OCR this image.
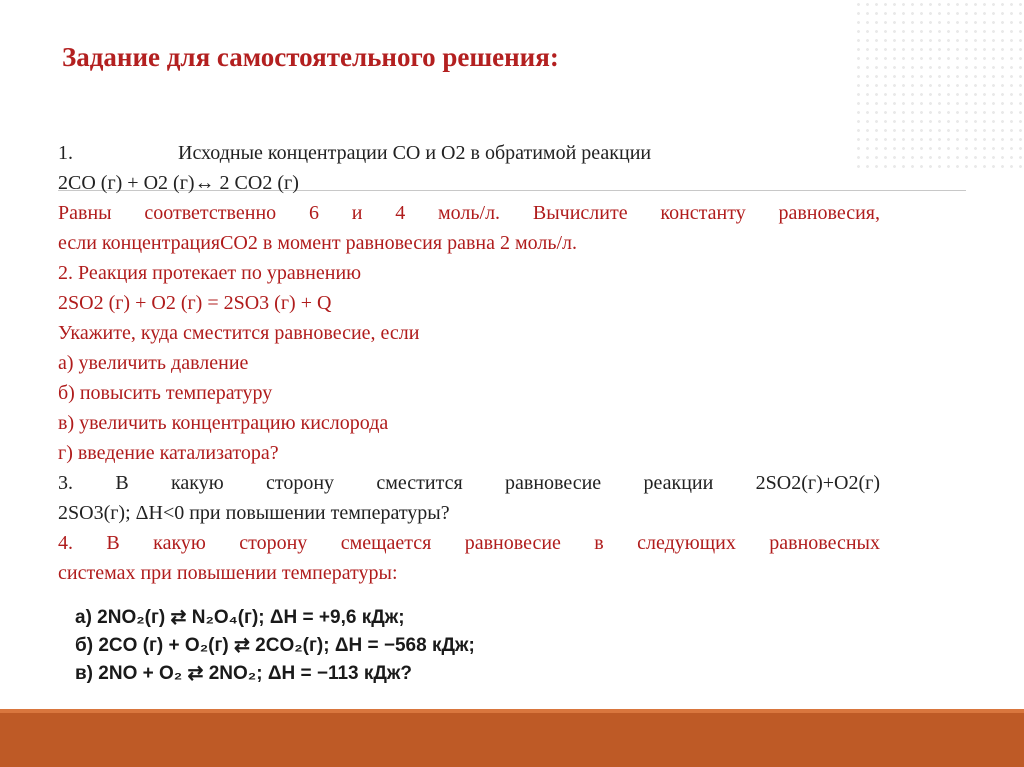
Задание для самостоятельного решения:
1.	Исходные концентрации CO и О2 в обратимой реакции
2CO (г) + O2 (г)↔ 2 CO2 (г)
Равны соответственно 6 и 4 моль/л. Вычислите константу равновесия,
если концентрацияCO2 в момент равновесия равна 2 моль/л.
2. Реакция протекает по уравнению
2SO2 (г) + O2 (г) = 2SO3 (г) + Q
Укажите, куда сместится равновесие, если
а) увеличить давление
б) повысить температуру
в) увеличить концентрацию кислорода
г) введение катализатора?
3. В какую сторону сместится равновесие реакции 2SO2(г)+O2(г)
2SO3(г); ΔH<0 при повышении температуры?
4. В какую сторону смещается равновесие в следующих равновесных
системах при повышении температуры:
а) 2NO₂(г) ⇄ N₂O₄(г); ΔH = +9,6 кДж;
б) 2CO (г) + O₂(г) ⇄ 2CO₂(г); ΔH = −568 кДж;
в) 2NO + O₂ ⇄ 2NO₂; ΔH = −113 кДж?
